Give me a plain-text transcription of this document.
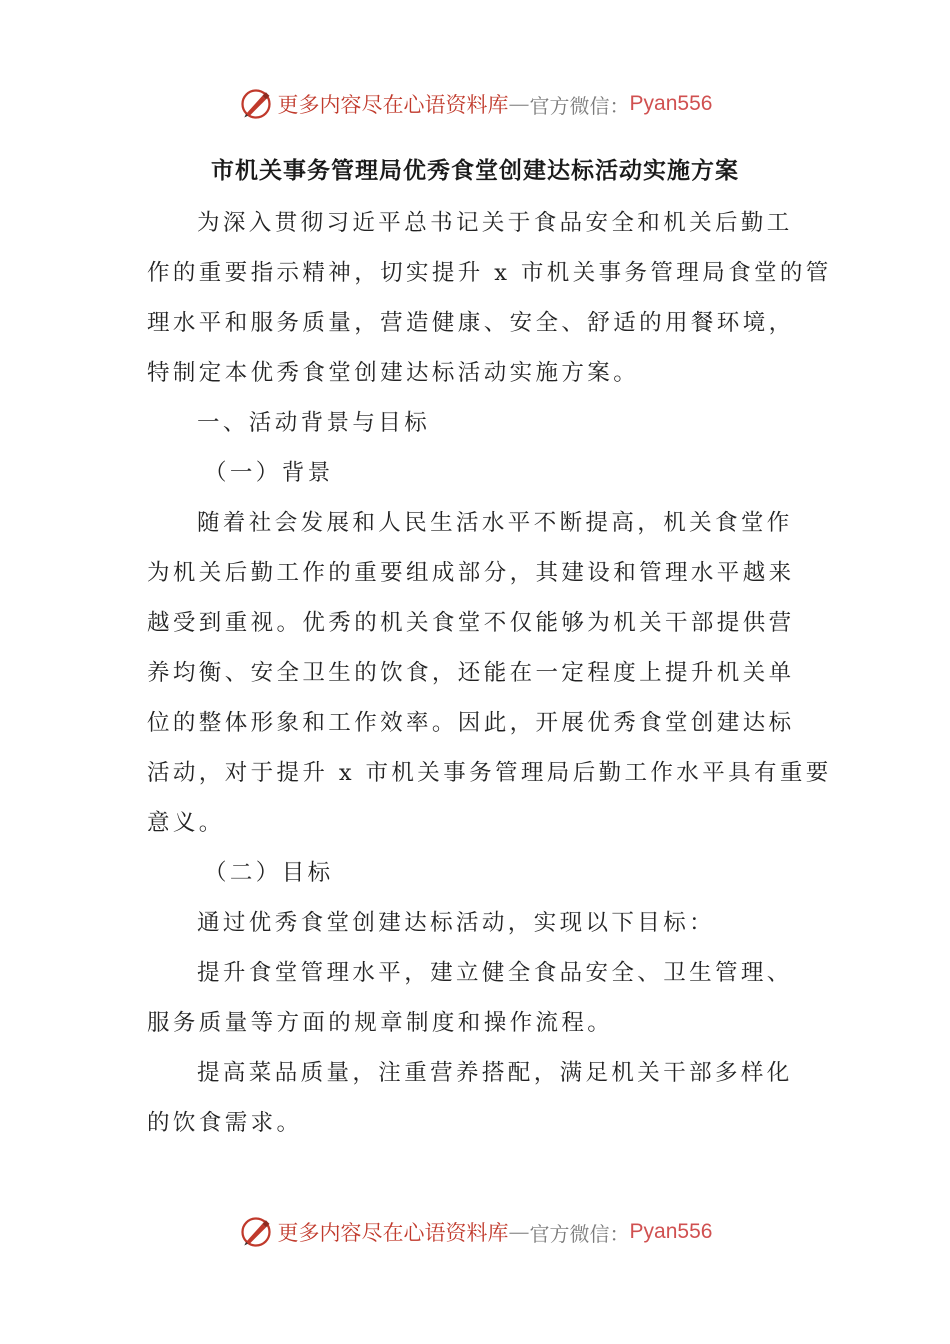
更多内容尽在心语资料库 — 官方微信： Pyan556
市机关事务管理局优秀食堂创建达标活动实施方案
为深入贯彻习近平总书记关于食品安全和机关后勤工
作的重要指示精神，切实提升 x 市机关事务管理局食堂的管
理水平和服务质量，营造健康、安全、舒适的用餐环境，
特制定本优秀食堂创建达标活动实施方案。
一、活动背景与目标
（一）背景
随着社会发展和人民生活水平不断提高，机关食堂作
为机关后勤工作的重要组成部分，其建设和管理水平越来
越受到重视。优秀的机关食堂不仅能够为机关干部提供营
养均衡、安全卫生的饮食，还能在一定程度上提升机关单
位的整体形象和工作效率。因此，开展优秀食堂创建达标
活动，对于提升 x 市机关事务管理局后勤工作水平具有重要
意义。
（二）目标
通过优秀食堂创建达标活动，实现以下目标：
提升食堂管理水平，建立健全食品安全、卫生管理、
服务质量等方面的规章制度和操作流程。
提高菜品质量，注重营养搭配，满足机关干部多样化
的饮食需求。
更多内容尽在心语资料库 — 官方微信： Pyan556
